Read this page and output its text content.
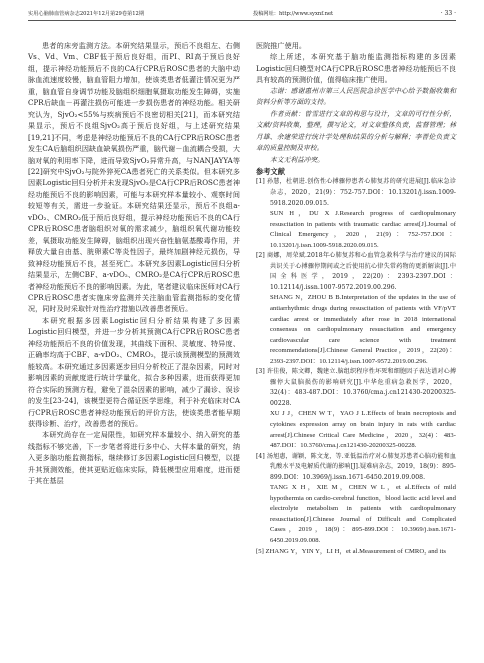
实用心脑肺血管病杂志2021年12月第29卷第12期	投稿网址：http://www.syxnf.net	· 33 ·

患者的床旁监测方法。本研究结果显示，预后不良组左、右侧Vs、Vd、Vm、CBF低于预后良好组，而PI、RI高于预后良好组，提示神经功能预后不良的CA行CPR后ROSC患者的大脑中动脉血流速度较慢，脑血管阻力增加，使该类患者低灌注情况更为严重，脑血管自身调节功能及脑组织细胞氧摄取功能发生障碍，实施CPR后缺血－再灌注损伤可能进一步损伤患者的神经功能。相关研究认为，SjvO₂<55%与疾病预后不良密切相关[21]，而本研究结果显示，预后不良组SjvO₂高于预后良好组，与上述研究结果[19,21]不同，考虑是神经功能预后不良的CA行CPR后ROSC患者发生CA后脑组织因缺血缺氧损伤严重，脑代谢－血流耦合受损，大脑对氧的利用率下降，进而导致SjvO₂异常升高，与NANJAYYA等[22]研究中SjvO₂与院外猝死CA患者死亡的关系类似。但本研究多因素Logistic回归分析并未发现SjvO₂是CA行CPR后ROSC患者神经功能预后不良的影响因素，可能与本研究样本量较小、观察时间较短等有关，需进一步验证。本研究结果还显示，预后不良组a-vDO₂、CMRO₂低于预后良好组，提示神经功能预后不良的CA行CPR后ROSC患者脑组织对氧的需求减少，脑组织氧代谢功能较差，氧摄取功能发生障碍，脑组织出现兴奋性脑氨基酸毒作用，并释放大量自由基、胱卵素C等炎性因子，最终加剧神经元损伤，导致神经功能预后不良，甚至死亡。本研究多因素Logistic回归分析结果显示，左侧CBF、a-vDO₂、CMRO₂是CA行CPR后ROSC患者神经功能预后不良的影响因素。为此，笔者建议临床医师对CA行CPR后ROSC患者实施床旁监测并关注脑血管监测指标的变化情况，同时及时采取针对性治疗措施以改善患者预后。

本研究根据多因素Logistic回归分析结果构建了多因素Logistic回归模型，并进一步分析其预测CA行CPR后ROSC患者神经功能预后不良的价值发现，其曲线下面积、灵敏度、特异度、正确率均高于CBF、a-vDO₂、CMRO₂，提示该预测模型的预测效能较高。本研究通过多因素逐步回归分析校正了混杂因素，同时对影响因素的贡献度进行统计学量化，拟合多种因素，进而获得更加符合实际的预测方程，避免了混杂因素的影响，减少了漏诊、误诊的发生[23-24]，该模型更符合循证医学思维，利于补充临床对CA行CPR后ROSC患者神经功能预后的评价方法，使该类患者能早期获得诊断、治疗，改善患者的预后。

本研究尚存在一定局限性，如研究样本量较小、纳入研究的基线指标不够完善，下一步笔者将进行多中心、大样本量的研究，纳入更多脑功能监测指标，继续修订多因素Logistic回归模型，以提升其预测效能，使其更贴近临床实际，降低模型应用难度，进而便于其在基层

医院推广使用。

综上所述，本研究基于脑功能监测指标构建的多因素Logistic回归模型对CA行CPR后ROSC患者神经功能预后不良具有较高的预测价值，值得临床推广使用。

志谢：感谢惠州市第三人民医院急诊医学中心给予数据收集和资料分析等方面的支持。

作者贡献：曾雪进行文章的构思与设计，文章的可行性分析，文献/资料收集，整理，撰写论文，对文章整体负责，监督管理；林月雄、余建荣进行统计学处理和结果的分析与解释；李晋伦负责文章的质量控制及审校。

本文无利益冲突。

参考文献

[1] 孙慧，杜朝进.创伤性心搏骤停患者心肺复苏的研究进展[J].临床急诊杂志，2020，21(9)：752-757.DOI：10.13201/j.issn.1009-5918.2020.09.015.
SUN H，DU X J.Research progress of cardiopulmonary resuscitation in patients with traumatic cardiac arrest[J].Journal of Clinical Emergency，2020，21(9)：752-757.DOI：10.13201/j.issn.1009-5918.2020.09.015.
[2] 商娜，周荣斌.2018年心肺复苏和心血管急救科学与治疗建议的国际共识关于心搏骤停期间或之后使用抗心律失常药物的更新解读[J].中国全科医学，2019，22(20)：2393-2397.DOI：10.12114/j.issn.1007-9572.2019.00.296.
SHANG N，ZHOU B B.Interpretation of the updates in the use of antiarrhythmic drugs during resuscitation of patients with VF/pVT cardiac arrest or immediately after rose in 2018 international consensus on cardiopulmonary resuscitation and emergency cardiovascular care science with treatment recommendations[J].Chinese General Practice，2019，22(20)：2393-2397.DOI：10.12114/j.issn.1007-9572.2019.00.296.
[3] 许佳俊，陈文卿，魏建立.脑组织程序性坏死和细胞因子表达谱对心搏骤停大鼠脑损伤的影响研究[J].中华危重病急救医学，2020，32(4)：483-487.DOI：10.3760/cma.j.cn121430-20200325-00228.
XU J J，CHEN W T，YAO J L.Effects of brain necroptosis and cytokines expression array on brain injury in rats with cardiac arrest[J].Chinese Critical Care Medicine，2020，32(4)：483-487.DOI：10.3760/cma.j.cn121430-20200325-00228.
[4] 汤旭惠，谢颖，陈文龙，等.亚低温治疗对心肺复苏患者心脑功能和血乳酸水平及电解质代谢的影响[J].疑难病杂志，2019，18(9)：895-899.DOI：10.3969/j.issn.1671-6450.2019.09.008.
TANG X H，XIE M，CHEN W L，et al.Effects of mild hypothermia on cardio-cerebral function，blood lactic acid level and electrolyte metabolism in patients with cardiopulmonary resuscitation[J].Chinese Journal of Difficult and Complicated Cases，2019，18(9)：895-899.DOI：10.3969/j.issn.1671-6450.2019.09.008.
[5] ZHANG Y，YIN Y，LI H，et al.Measurement of CMRO₂ and its
